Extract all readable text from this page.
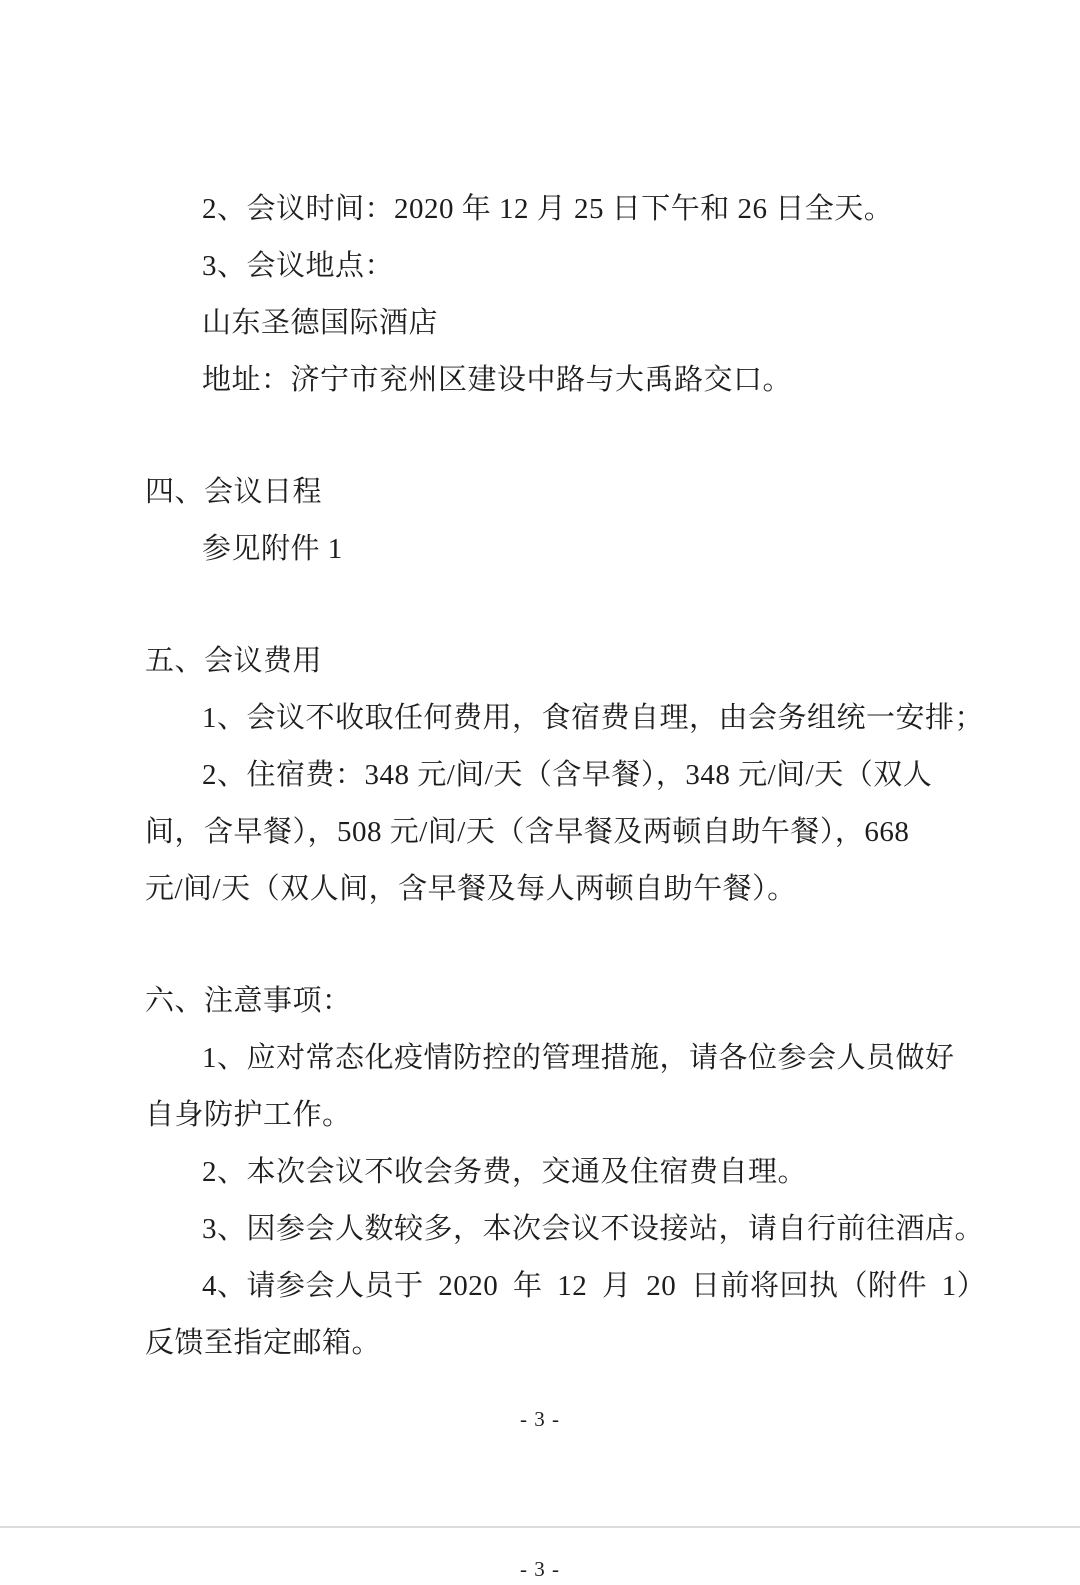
2、会议时间：2020 年 12 月 25 日下午和 26 日全天。
3、会议地点：
山东圣德国际酒店
地址：济宁市兖州区建设中路与大禹路交口。
四、会议日程
参见附件 1
五、会议费用
1、会议不收取任何费用，食宿费自理，由会务组统一安排；
2、住宿费：348 元/间/天（含早餐），348 元/间/天（双人
间，含早餐），508 元/间/天（含早餐及两顿自助午餐），668
元/间/天（双人间，含早餐及每人两顿自助午餐）。
六、注意事项：
1、应对常态化疫情防控的管理措施，请各位参会人员做好
自身防护工作。
2、本次会议不收会务费，交通及住宿费自理。
3、因参会人数较多，本次会议不设接站，请自行前往酒店。
4、请参会人员于 2020 年 12 月 20 日前将回执（附件 1）
反馈至指定邮箱。
- 3 -
- 3 -
